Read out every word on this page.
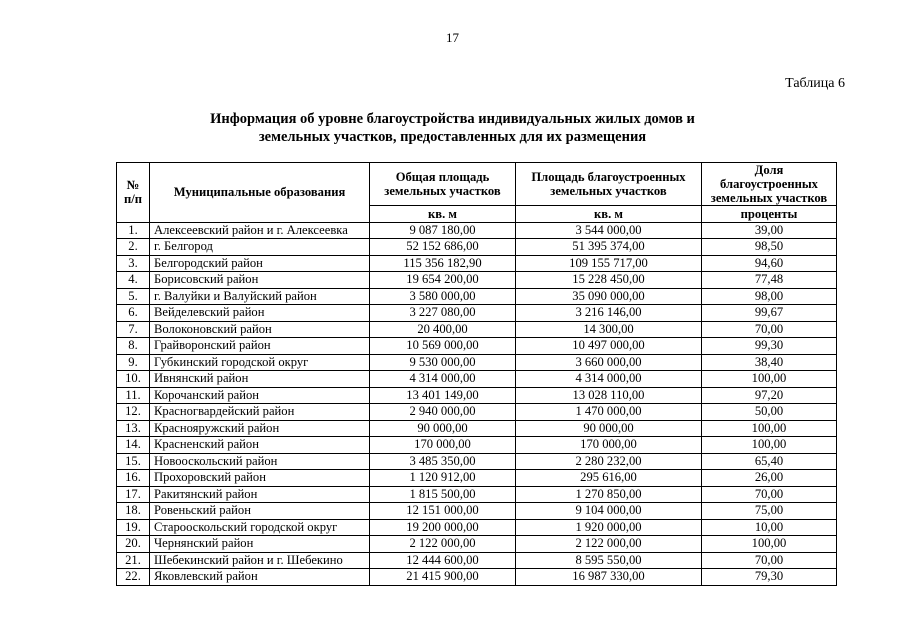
17
Таблица 6
Информация об уровне благоустройства индивидуальных жилых домов и
земельных участков, предоставленных для их размещения
№
п/п	Муниципальные образования	Общая площадь земельных участков	Площадь благоустроенных земельных участков	Доля благоустроенных земельных участков
		кв. м	кв. м	проценты
1.	Алексеевский район и г. Алексеевка	9 087 180,00	3 544 000,00	39,00
2.	г. Белгород	52 152 686,00	51 395 374,00	98,50
3.	Белгородский район	115 356 182,90	109 155 717,00	94,60
4.	Борисовский район	19 654 200,00	15 228 450,00	77,48
5.	г. Валуйки и Валуйский район	3 580 000,00	35 090 000,00	98,00
6.	Вейделевский район	3 227 080,00	3 216 146,00	99,67
7.	Волоконовский район	20 400,00	14 300,00	70,00
8.	Грайворонский район	10 569 000,00	10 497 000,00	99,30
9.	Губкинский городской округ	9 530 000,00	3 660 000,00	38,40
10.	Ивнянский район	4 314 000,00	4 314 000,00	100,00
11.	Корочанский район	13 401 149,00	13 028 110,00	97,20
12.	Красногвардейский район	2 940 000,00	1 470 000,00	50,00
13.	Краснояружский район	90 000,00	90 000,00	100,00
14.	Красненский район	170 000,00	170 000,00	100,00
15.	Новооскольский район	3 485 350,00	2 280 232,00	65,40
16.	Прохоровский район	1 120 912,00	295 616,00	26,00
17.	Ракитянский район	1 815 500,00	1 270 850,00	70,00
18.	Ровеньский район	12 151 000,00	9 104 000,00	75,00
19.	Старооскольский городской округ	19 200 000,00	1 920 000,00	10,00
20.	Чернянский район	2 122 000,00	2 122 000,00	100,00
21.	Шебекинский район и г. Шебекино	12 444 600,00	8 595 550,00	70,00
22.	Яковлевский район	21 415 900,00	16 987 330,00	79,30
